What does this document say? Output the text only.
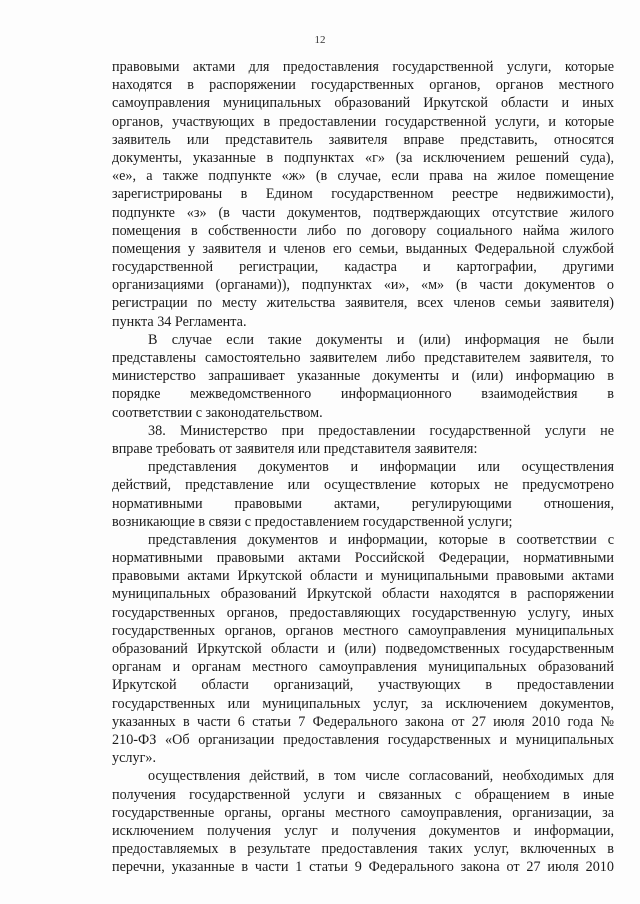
12
правовыми актами для предоставления государственной услуги, которые
находятся в распоряжении государственных органов, органов местного
самоуправления муниципальных образований Иркутской области и иных
органов, участвующих в предоставлении государственной услуги, и которые
заявитель или представитель заявителя вправе представить, относятся
документы, указанные в подпунктах «г» (за исключением решений суда),
«е», а также подпункте «ж» (в случае, если права на жилое помещение
зарегистрированы в Едином государственном реестре недвижимости),
подпункте «з» (в части документов, подтверждающих отсутствие жилого
помещения в собственности либо по договору социального найма жилого
помещения у заявителя и членов его семьи, выданных Федеральной службой
государственной регистрации, кадастра и картографии, другими
организациями (органами)), подпунктах «и», «м» (в части документов о
регистрации по месту жительства заявителя, всех членов семьи заявителя)
пункта 34 Регламента.
В случае если такие документы и (или) информация не были
представлены самостоятельно заявителем либо представителем заявителя, то
министерство запрашивает указанные документы и (или) информацию в
порядке межведомственного информационного взаимодействия в
соответствии с законодательством.
38. Министерство при предоставлении государственной услуги не
вправе требовать от заявителя или представителя заявителя:
представления документов и информации или осуществления
действий, представление или осуществление которых не предусмотрено
нормативными правовыми актами, регулирующими отношения,
возникающие в связи с предоставлением государственной услуги;
представления документов и информации, которые в соответствии с
нормативными правовыми актами Российской Федерации, нормативными
правовыми актами Иркутской области и муниципальными правовыми актами
муниципальных образований Иркутской области находятся в распоряжении
государственных органов, предоставляющих государственную услугу, иных
государственных органов, органов местного самоуправления муниципальных
образований Иркутской области и (или) подведомственных государственным
органам и органам местного самоуправления муниципальных образований
Иркутской области организаций, участвующих в предоставлении
государственных или муниципальных услуг, за исключением документов,
указанных в части 6 статьи 7 Федерального закона от 27 июля 2010 года №
210-ФЗ «Об организации предоставления государственных и муниципальных
услуг».
осуществления действий, в том числе согласований, необходимых для
получения государственной услуги и связанных с обращением в иные
государственные органы, органы местного самоуправления, организации, за
исключением получения услуг и получения документов и информации,
предоставляемых в результате предоставления таких услуг, включенных в
перечни, указанные в части 1 статьи 9 Федерального закона от 27 июля 2010
